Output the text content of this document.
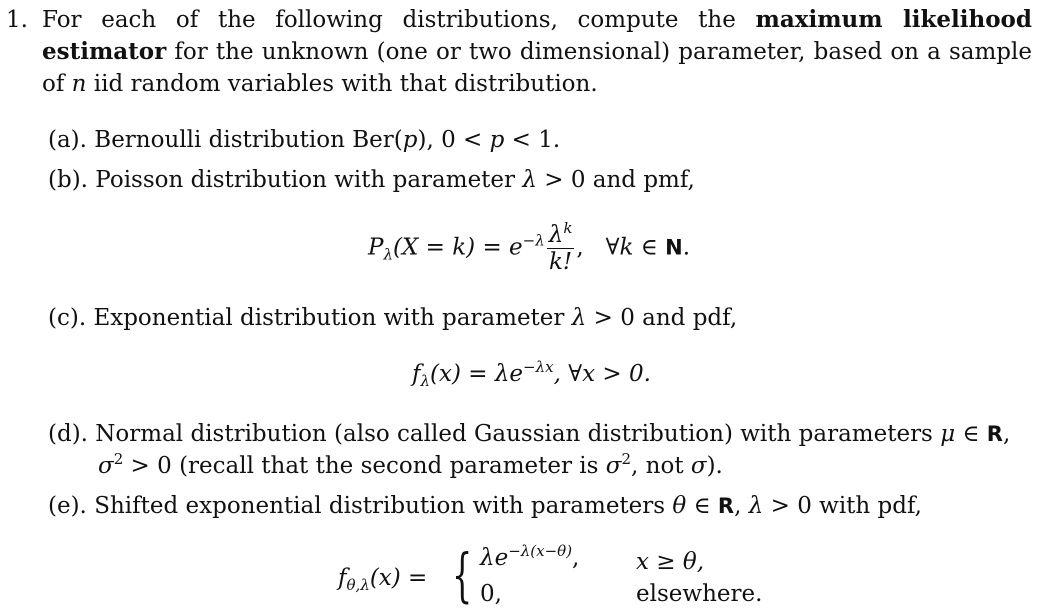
1. For each of the following distributions, compute the maximum likelihood estimator for the unknown (one or two dimensional) parameter, based on a sample of n iid random variables with that distribution.
(a). Bernoulli distribution Ber(p), 0 < p < 1.
(b). Poisson distribution with parameter λ > 0 and pmf,
$P_\lambda(X = k) = e^{-\lambda} \frac{\lambda^k}{k!}$ , ∀k ∈ N.
(c). Exponential distribution with parameter λ > 0 and pdf,
$f_\lambda(x) = \lambda e^{-\lambda x}$, ∀x > 0.
(d). Normal distribution (also called Gaussian distribution) with parameters μ ∈ R,
$\sigma^2 > 0$ (recall that the second parameter is $\sigma^2$, not σ).
(e). Shifted exponential distribution with parameters θ ∈ R, λ > 0 with pdf,
$f_{\theta,\lambda}(x)$ = { $\lambda e^{-\lambda(x-\theta)}$, x ≥ θ,
0,	elsewhere.
